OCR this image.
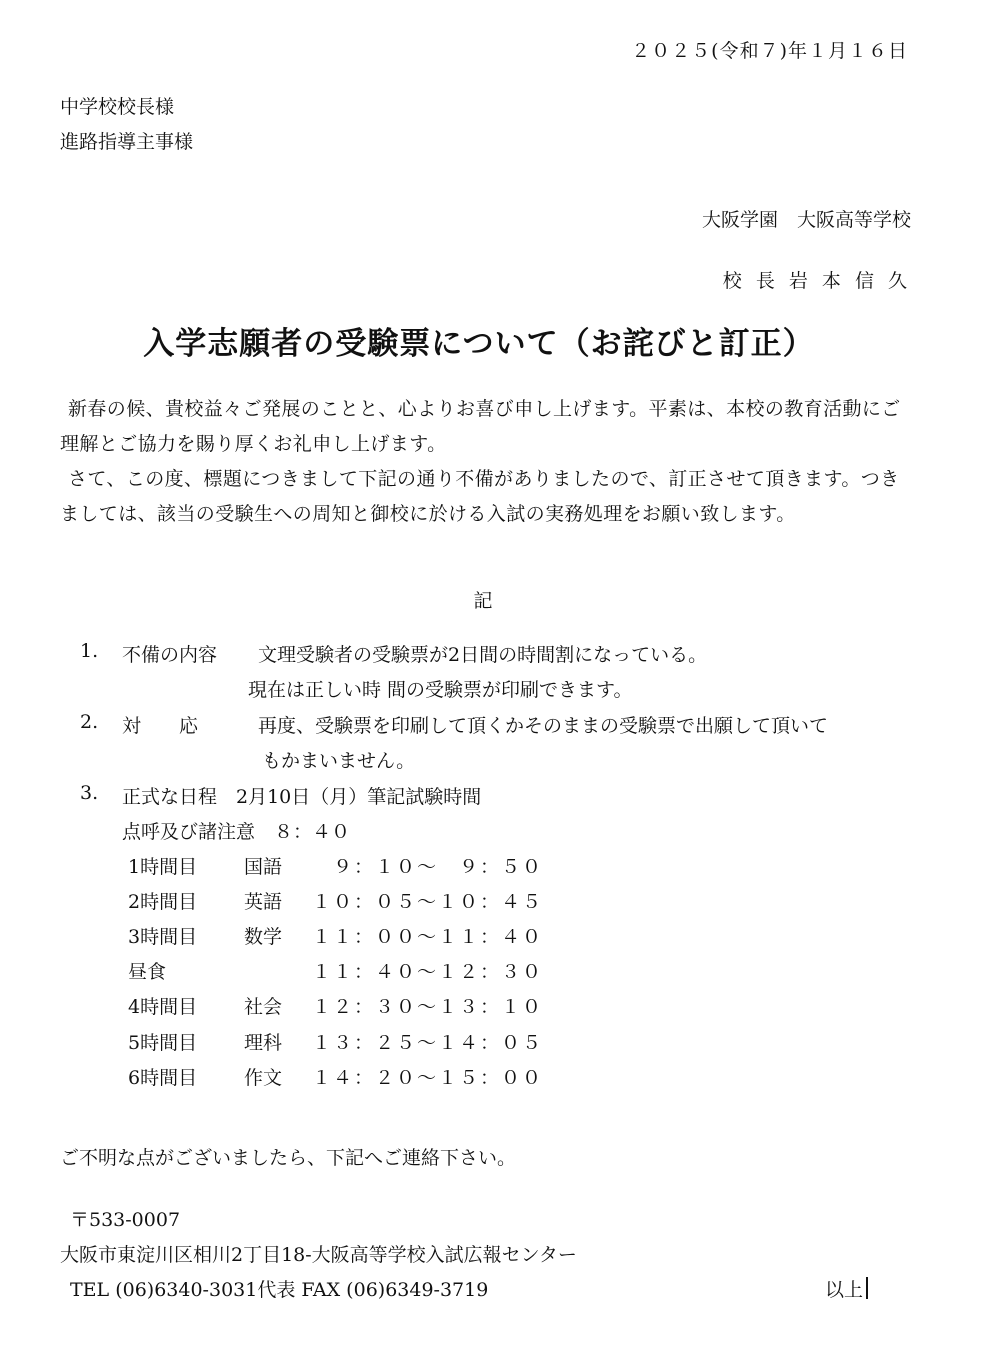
２０２５(令和７)年１月１６日
中学校校長様
進路指導主事様
大阪学園　大阪高等学校
校 長 岩 本 信 久
入学志願者の受験票について（お詫びと訂正）
新春の候、貴校益々ご発展のことと、心よりお喜び申し上げます。平素は、本校の教育活動にご理解とご協力を賜り厚くお礼申し上げます。
さて、この度、標題につきまして下記の通り不備がありましたので、訂正させて頂きます。つきましては、該当の受験生への周知と御校に於ける入試の実務処理をお願い致します。
記
1. 不備の内容 文理受験者の受験票が2日間の時間割になっている。
現在は正しい時 間の受験票が印刷できます。
2. 対　　応	再度、受験票を印刷して頂くかそのままの受験票で出願して頂いて
もかまいません。
3. 正式な日程　2月10日（月）筆記試験時間
点呼及び諸注意　８：４０
1時間目 国語 　９：１０～　９：５０
2時間目 英語 １０：０５～１０：４５
3時間目 数学 １１：００～１１：４０
昼食	１１：４０～１２：３０
4時間目 社会 １２：３０～１３：１０
5時間目 理科 １３：２５～１４：０５
6時間目 作文 １４：２０～１５：００
ご不明な点がございましたら、下記へご連絡下さい。
〒533-0007
大阪市東淀川区相川2丁目18-大阪高等学校入試広報センター
TEL (06)6340-3031代表 FAX (06)6349-3719	以上
